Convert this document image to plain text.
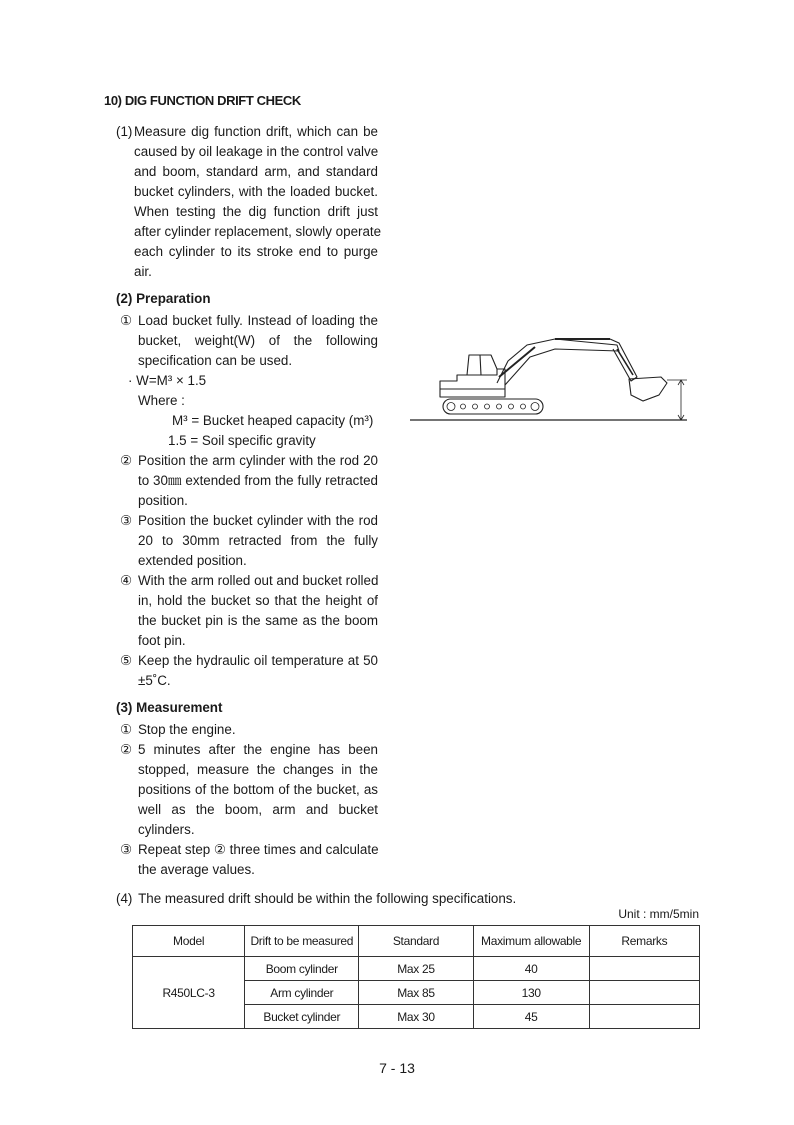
10) DIG FUNCTION DRIFT CHECK
(1) Measure dig function drift, which can be
caused by oil leakage in the control valve
and boom, standard arm, and standard
bucket cylinders, with the loaded bucket.
When testing the dig function drift just
after cylinder replacement, slowly operate
each cylinder to its stroke end to purge
air.
(2) Preparation
① Load bucket fully. Instead of loading the
bucket, weight(W) of the following
specification can be used.
· W=M³ × 1.5
Where :
M³ = Bucket heaped capacity (m³)
1.5 = Soil specific gravity
② Position the arm cylinder with the rod 20
to 30㎜ extended from the fully retracted
position.
③ Position the bucket cylinder with the rod
20 to 30mm retracted from the fully
extended position.
④ With the arm rolled out and bucket rolled
in, hold the bucket so that the height of
the bucket pin is the same as the boom
foot pin.
⑤ Keep the hydraulic oil temperature at 50
±5˚C.
(3) Measurement
① Stop the engine.
② 5 minutes after the engine has been
stopped, measure the changes in the
positions of the bottom of the bucket, as
well as the boom, arm and bucket
cylinders.
③ Repeat step ② three times and calculate
the average values.
(4) The measured drift should be within the following specifications.
Unit : mm/5min
Model	Drift to be measured	Standard	Maximum allowable	Remarks
R450LC-3	Boom cylinder	Max 25	40	
	Arm cylinder	Max 85	130	
	Bucket cylinder	Max 30	45	
7 - 13
